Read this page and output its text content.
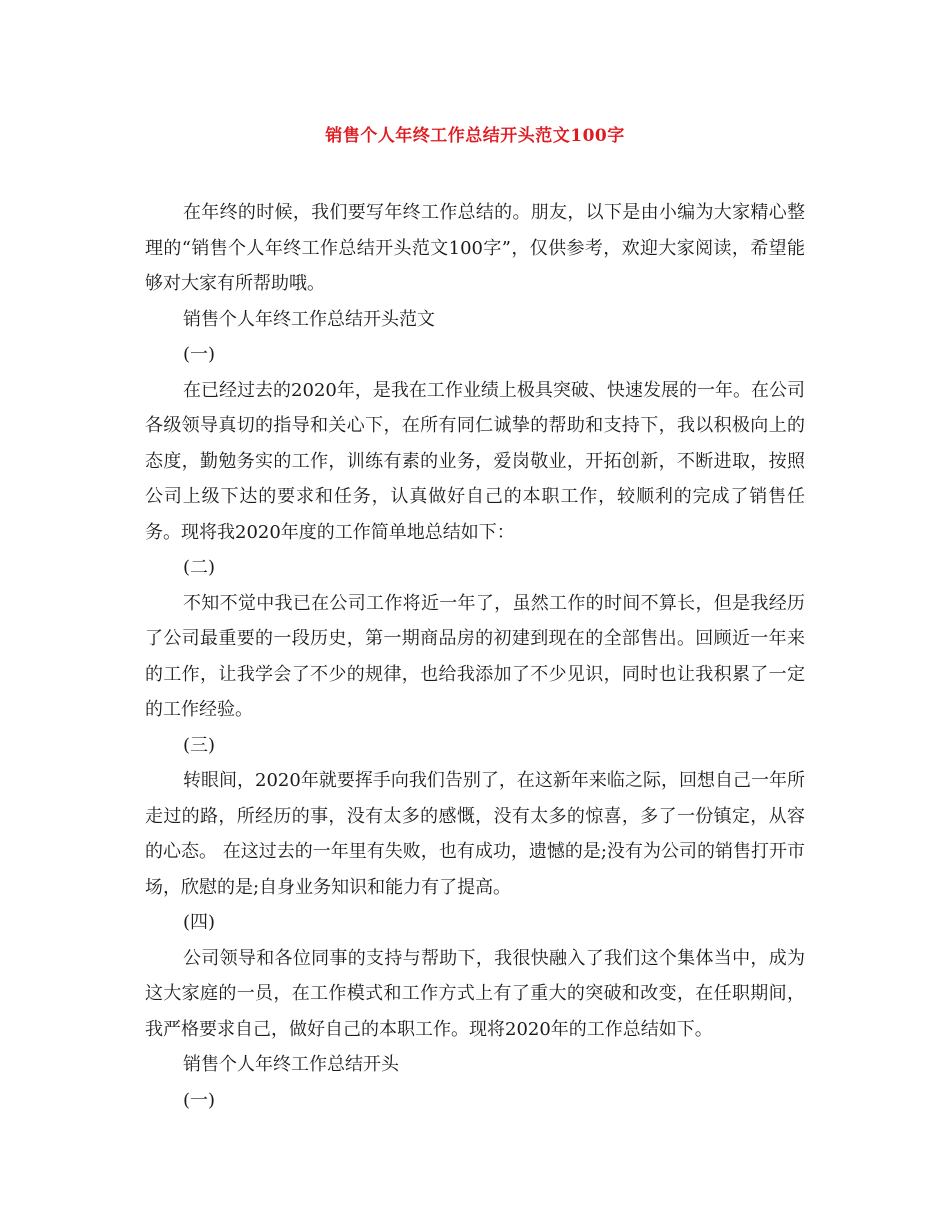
销售个人年终工作总结开头范文100字

在年终的时候，我们要写年终工作总结的。朋友，以下是由小编为大家精心整理的“销售个人年终工作总结开头范文100字”，仅供参考，欢迎大家阅读，希望能够对大家有所帮助哦。

销售个人年终工作总结开头范文

(一)

在已经过去的2020年，是我在工作业绩上极具突破、快速发展的一年。在公司各级领导真切的指导和关心下，在所有同仁诚挚的帮助和支持下，我以积极向上的态度，勤勉务实的工作，训练有素的业务，爱岗敬业，开拓创新，不断进取，按照公司上级下达的要求和任务，认真做好自己的本职工作，较顺利的完成了销售任务。现将我2020年度的工作简单地总结如下：

(二)

不知不觉中我已在公司工作将近一年了，虽然工作的时间不算长，但是我经历了公司最重要的一段历史，第一期商品房的初建到现在的全部售出。回顾近一年来的工作，让我学会了不少的规律，也给我添加了不少见识，同时也让我积累了一定的工作经验。

(三)

转眼间，2020年就要挥手向我们告别了，在这新年来临之际，回想自己一年所走过的路，所经历的事，没有太多的感慨，没有太多的惊喜，多了一份镇定，从容的心态。 在这过去的一年里有失败，也有成功，遗憾的是;没有为公司的销售打开市场，欣慰的是;自身业务知识和能力有了提高。

(四)

公司领导和各位同事的支持与帮助下，我很快融入了我们这个集体当中，成为这大家庭的一员，在工作模式和工作方式上有了重大的突破和改变，在任职期间，我严格要求自己，做好自己的本职工作。现将2020年的工作总结如下。

销售个人年终工作总结开头

(一)
